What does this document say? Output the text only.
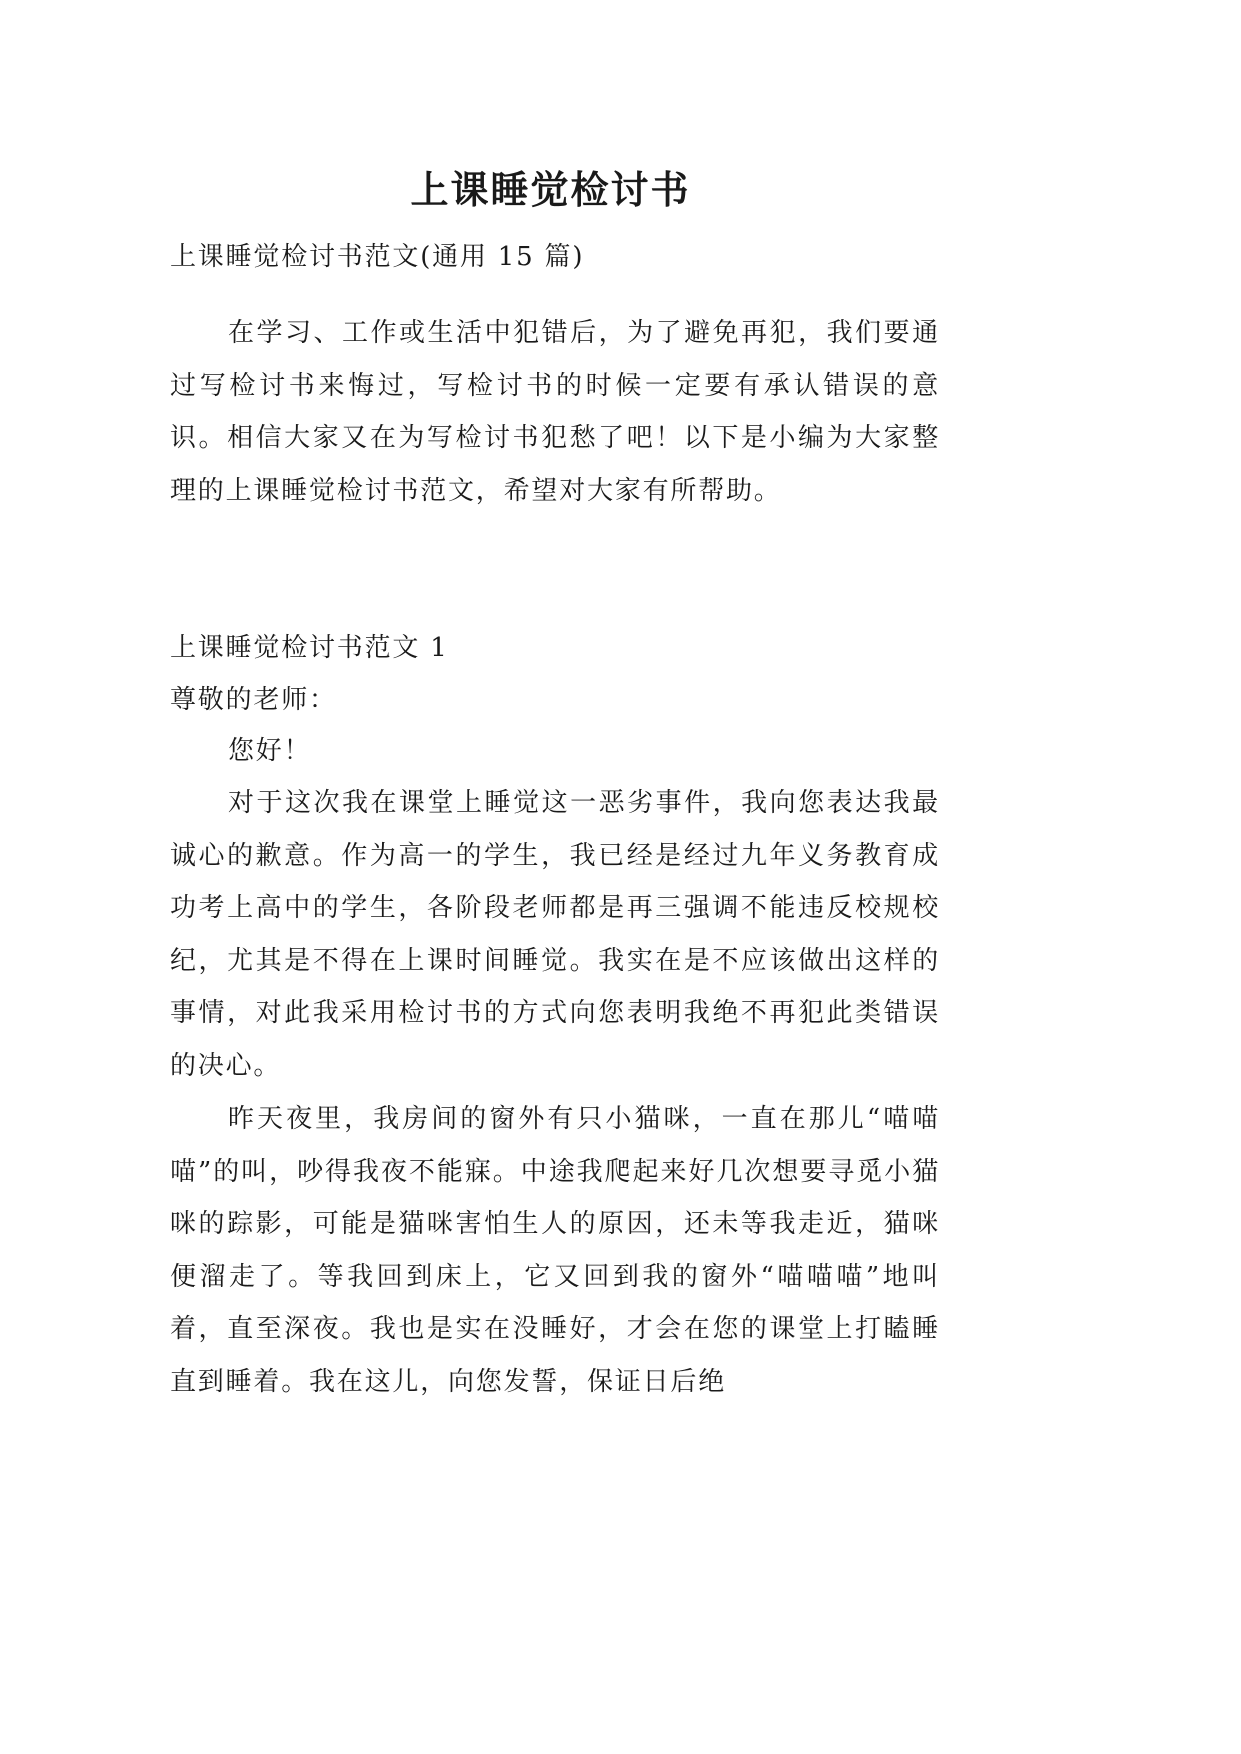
上课睡觉检讨书

上课睡觉检讨书范文(通用 15 篇)

在学习、工作或生活中犯错后，为了避免再犯，我们要通过写检讨书来悔过，写检讨书的时候一定要有承认错误的意识。相信大家又在为写检讨书犯愁了吧！以下是小编为大家整理的上课睡觉检讨书范文，希望对大家有所帮助。

上课睡觉检讨书范文 1

尊敬的老师：

您好！

对于这次我在课堂上睡觉这一恶劣事件，我向您表达我最诚心的歉意。作为高一的学生，我已经是经过九年义务教育成功考上高中的学生，各阶段老师都是再三强调不能违反校规校纪，尤其是不得在上课时间睡觉。我实在是不应该做出这样的事情，对此我采用检讨书的方式向您表明我绝不再犯此类错误的决心。

昨天夜里，我房间的窗外有只小猫咪，一直在那儿“喵喵喵”的叫，吵得我夜不能寐。中途我爬起来好几次想要寻觅小猫咪的踪影，可能是猫咪害怕生人的原因，还未等我走近，猫咪便溜走了。等我回到床上，它又回到我的窗外“喵喵喵”地叫着，直至深夜。我也是实在没睡好，才会在您的课堂上打瞌睡直到睡着。我在这儿，向您发誓，保证日后绝
